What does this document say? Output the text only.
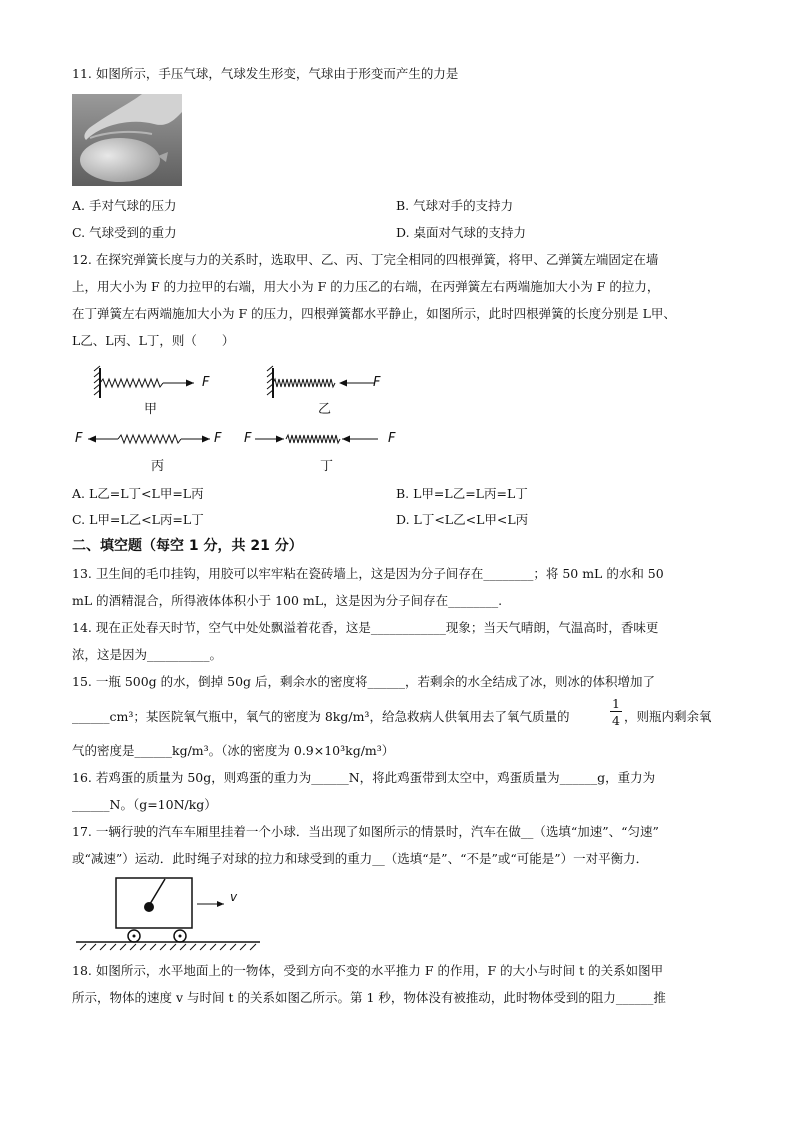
11. 如图所示，手压气球，气球发生形变，气球由于形变而产生的力是
A. 手对气球的压力	B. 气球对手的支持力
C. 气球受到的重力	D. 桌面对气球的支持力
12. 在探究弹簧长度与力的关系时，选取甲、乙、丙、丁完全相同的四根弹簧，将甲、乙弹簧左端固定在墙
上，用大小为 F 的力拉甲的右端，用大小为 F 的力压乙的右端，在丙弹簧左右两端施加大小为 F 的拉力，
在丁弹簧左右两端施加大小为 F 的压力，四根弹簧都水平静止，如图所示，此时四根弹簧的长度分别是 L甲、
L乙、L丙、L丁，则（　　）
F
甲
F
乙
F	F
丙
F	F
丁
A. L乙=L丁<L甲=L丙	B. L甲=L乙=L丙=L丁
C. L甲=L乙<L丙=L丁	D. L丁<L乙<L甲<L丙
二、填空题（每空 1 分，共 21 分）
13. 卫生间的毛巾挂钩，用胶可以牢牢粘在瓷砖墙上，这是因为分子间存在________；将 50 mL 的水和 50
mL 的酒精混合，所得液体体积小于 100 mL，这是因为分子间存在________.
14. 现在正处春天时节，空气中处处飘溢着花香，这是____________现象；当天气晴朗，气温高时，香味更
浓，这是因为__________。
15. 一瓶 500g 的水，倒掉 50g 后，剩余水的密度将______，若剩余的水全结成了冰，则冰的体积增加了
______cm³；某医院氧气瓶中，氧气的密度为 8kg/m³，给急救病人供氧用去了氧气质量的
1
4 ，则瓶内剩余氧
气的密度是______kg/m³。（冰的密度为 0.9×10³kg/m³）
16. 若鸡蛋的质量为 50g，则鸡蛋的重力为______N，将此鸡蛋带到太空中，鸡蛋质量为______g，重力为
______N。（g=10N/kg）
17. 一辆行驶的汽车车厢里挂着一个小球．当出现了如图所示的情景时，汽车在做__（选填“加速”、“匀速”
或“减速”）运动．此时绳子对球的拉力和球受到的重力__（选填“是”、“不是”或“可能是”）一对平衡力．
v
18. 如图所示，水平地面上的一物体，受到方向不变的水平推力 F 的作用，F 的大小与时间 t 的关系如图甲
所示，物体的速度 v 与时间 t 的关系如图乙所示。第 1 秒，物体没有被推动，此时物体受到的阻力______推
